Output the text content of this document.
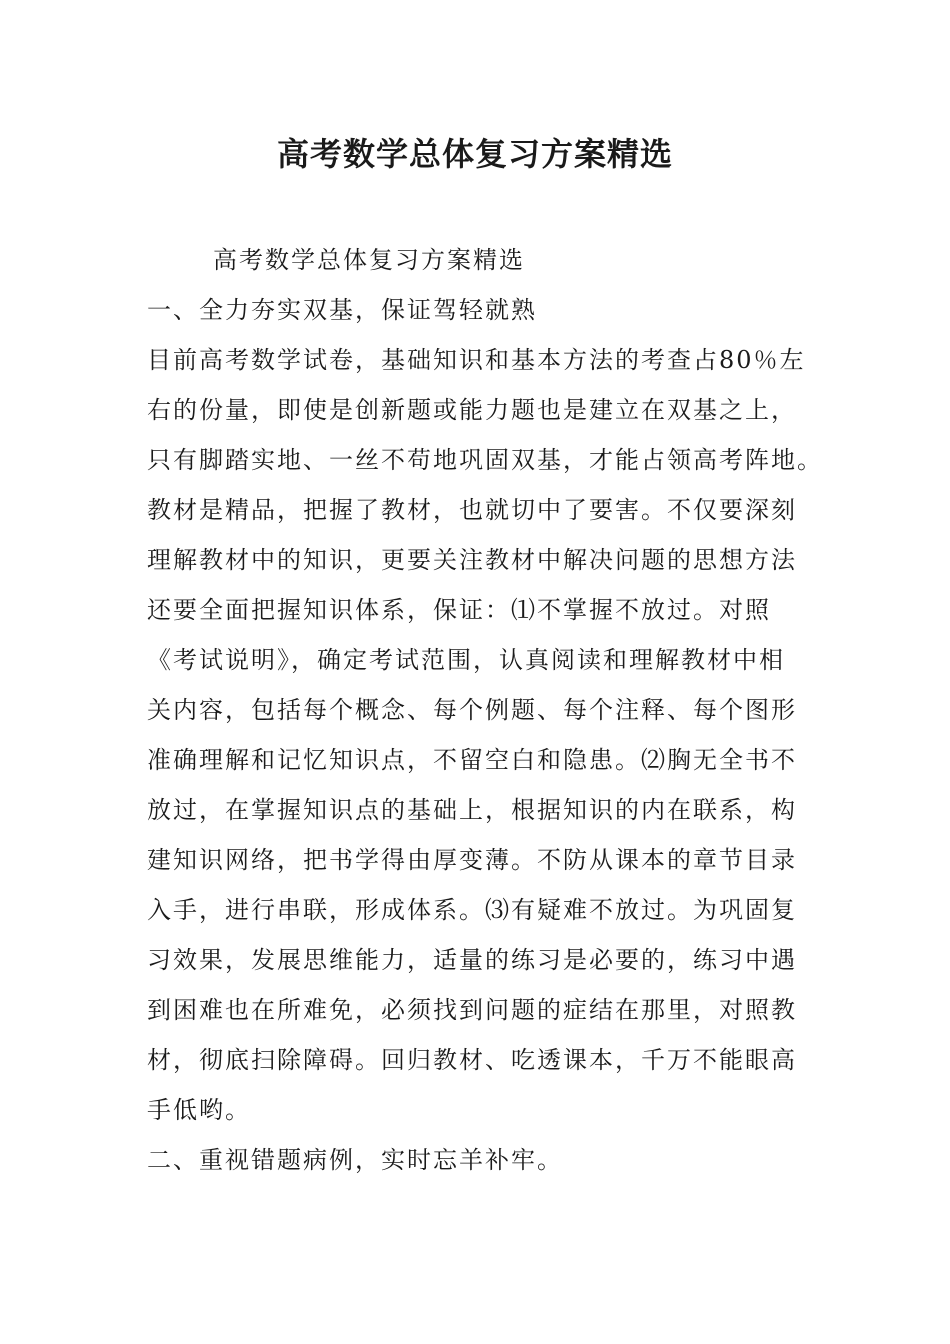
高考数学总体复习方案精选
高考数学总体复习方案精选
一、全力夯实双基，保证驾轻就熟
目前高考数学试卷，基础知识和基本方法的考查占80％左
右的份量，即使是创新题或能力题也是建立在双基之上，
只有脚踏实地、一丝不苟地巩固双基，才能占领高考阵地。
教材是精品，把握了教材，也就切中了要害。不仅要深刻
理解教材中的知识，更要关注教材中解决问题的思想方法
还要全面把握知识体系，保证：⑴不掌握不放过。对照
《考试说明》，确定考试范围，认真阅读和理解教材中相
关内容，包括每个概念、每个例题、每个注释、每个图形
准确理解和记忆知识点，不留空白和隐患。⑵胸无全书不
放过，在掌握知识点的基础上，根据知识的内在联系，构
建知识网络，把书学得由厚变薄。不防从课本的章节目录
入手，进行串联，形成体系。⑶有疑难不放过。为巩固复
习效果，发展思维能力，适量的练习是必要的，练习中遇
到困难也在所难免，必须找到问题的症结在那里，对照教
材，彻底扫除障碍。回归教材、吃透课本，千万不能眼高
手低哟。
二、重视错题病例，实时忘羊补牢。
